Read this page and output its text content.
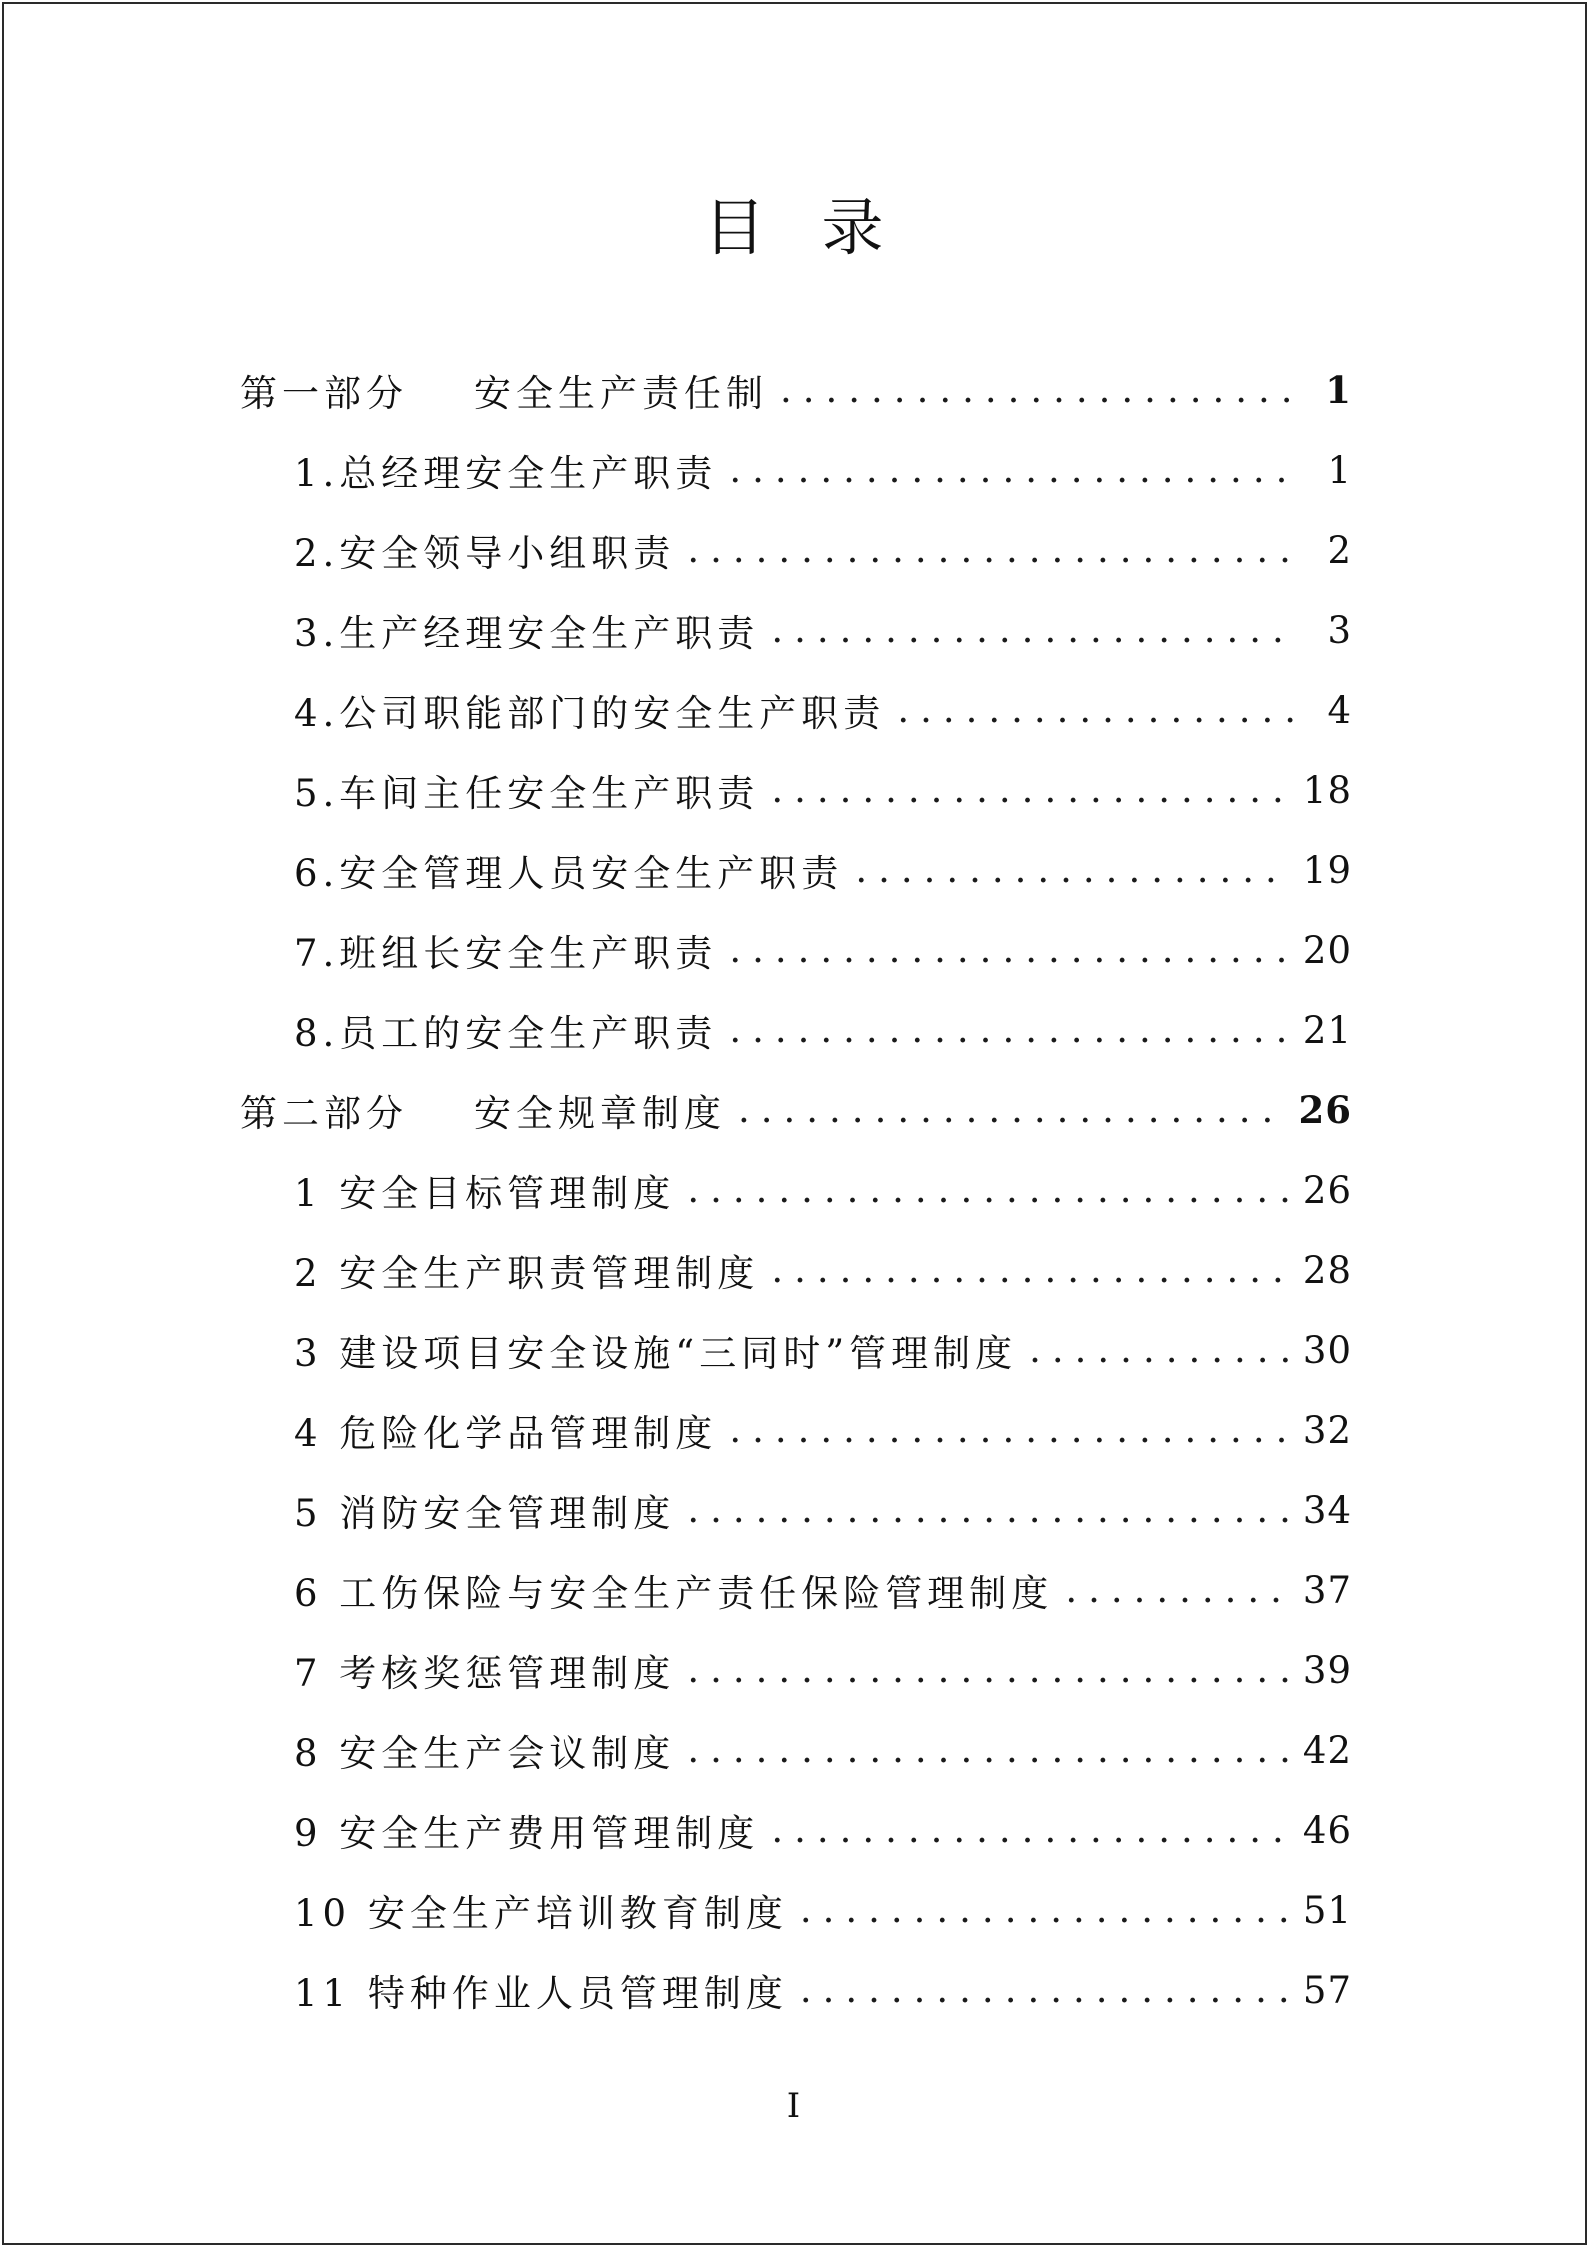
目 录
第一部分	安全生产责任制 .....	1
1.总经理安全生产职责 .....	1
2.安全领导小组职责 .....	2
3.生产经理安全生产职责 .....	3
4.公司职能部门的安全生产职责 .....	4
5.车间主任安全生产职责 .....	18
6.安全管理人员安全生产职责 .....	19
7.班组长安全生产职责 .....	20
8.员工的安全生产职责 .....	21
第二部分	安全规章制度 .....	26
1 安全目标管理制度 .....	26
2 安全生产职责管理制度 .....	28
3 建设项目安全设施“三同时”管理制度 .....	30
4 危险化学品管理制度 .....	32
5 消防安全管理制度 .....	34
6 工伤保险与安全生产责任保险管理制度 .....	37
7 考核奖惩管理制度 .....	39
8 安全生产会议制度 .....	42
9 安全生产费用管理制度 .....	46
10 安全生产培训教育制度 .....	51
11 特种作业人员管理制度 .....	57
I
